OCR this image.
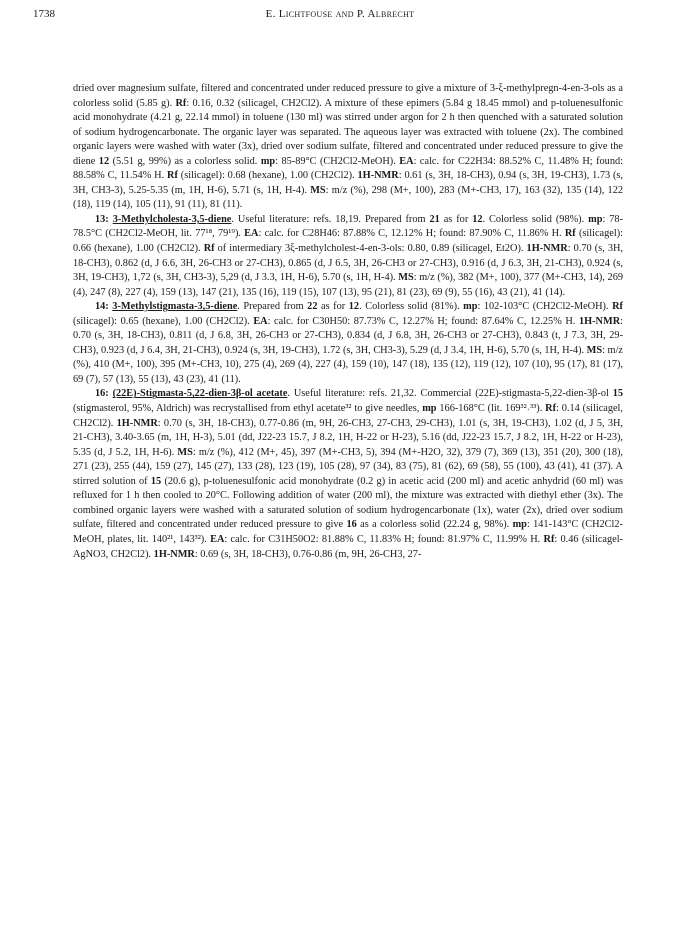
1738	E. Lichtfouse and P. Albrecht

dried over magnesium sulfate, filtered and concentrated under reduced pressure to give a mixture of 3-ξ-methylpregn-4-en-3-ols as a colorless solid (5.85 g). Rf: 0.16, 0.32 (silicagel, CH2Cl2). A mixture of these epimers (5.84 g 18.45 mmol) and p-toluenesulfonic acid monohydrate (4.21 g, 22.14 mmol) in toluene (130 ml) was stirred under argon for 2 h then quenched with a saturated solution of sodium hydrogencarbonate. The organic layer was separated. The aqueous layer was extracted with toluene (2x). The combined organic layers were washed with water (3x), dried over sodium sulfate, filtered and concentrated under reduced pressure to give the diene 12 (5.51 g, 99%) as a colorless solid. mp: 85-89°C (CH2Cl2-MeOH). EA: calc. for C22H34: 88.52% C, 11.48% H; found: 88.58% C, 11.54% H. Rf (silicagel): 0.68 (hexane), 1.00 (CH2Cl2). 1H-NMR: 0.61 (s, 3H, 18-CH3), 0.94 (s, 3H, 19-CH3), 1.73 (s, 3H, CH3-3), 5.25-5.35 (m, 1H, H-6), 5.71 (s, 1H, H-4). MS: m/z (%), 298 (M+, 100), 283 (M+-CH3, 17), 163 (32), 135 (14), 122 (18), 119 (14), 105 (11), 91 (11), 81 (11).

13: 3-Methylcholesta-3,5-diene. Useful literature: refs. 18,19. Prepared from 21 as for 12. Colorless solid (98%). mp: 78-78.5°C (CH2Cl2-MeOH, lit. 77¹⁸, 79¹⁹). EA: calc. for C28H46: 87.88% C, 12.12% H; found: 87.90% C, 11.86% H. Rf (silicagel): 0.66 (hexane), 1.00 (CH2Cl2). Rf of intermediary 3ξ-methylcholest-4-en-3-ols: 0.80, 0.89 (silicagel, Et2O). 1H-NMR: 0.70 (s, 3H, 18-CH3), 0.862 (d, J 6.6, 3H, 26-CH3 or 27-CH3), 0.865 (d, J 6.5, 3H, 26-CH3 or 27-CH3), 0.916 (d, J 6.3, 3H, 21-CH3), 0.924 (s, 3H, 19-CH3), 1,72 (s, 3H, CH3-3), 5,29 (d, J 3.3, 1H, H-6), 5.70 (s, 1H, H-4). MS: m/z (%), 382 (M+, 100), 377 (M+-CH3, 14), 269 (4), 247 (8), 227 (4), 159 (13), 147 (21), 135 (16), 119 (15), 107 (13), 95 (21), 81 (23), 69 (9), 55 (16), 43 (21), 41 (14).

14: 3-Methylstigmasta-3,5-diene. Prepared from 22 as for 12. Colorless solid (81%). mp: 102-103°C (CH2Cl2-MeOH). Rf (silicagel): 0.65 (hexane), 1.00 (CH2Cl2). EA: calc. for C30H50: 87.73% C, 12.27% H; found: 87.64% C, 12.25% H. 1H-NMR: 0.70 (s, 3H, 18-CH3), 0.811 (d, J 6.8, 3H, 26-CH3 or 27-CH3), 0.834 (d, J 6.8, 3H, 26-CH3 or 27-CH3), 0.843 (t, J 7.3, 3H, 29-CH3), 0.923 (d, J 6.4, 3H, 21-CH3), 0.924 (s, 3H, 19-CH3), 1.72 (s, 3H, CH3-3), 5.29 (d, J 3.4, 1H, H-6), 5.70 (s, 1H, H-4). MS: m/z (%), 410 (M+, 100), 395 (M+-CH3, 10), 275 (4), 269 (4), 227 (4), 159 (10), 147 (18), 135 (12), 119 (12), 107 (10), 95 (17), 81 (17), 69 (7), 57 (13), 55 (13), 43 (23), 41 (11).

16: (22E)-Stigmasta-5,22-dien-3β-ol acetate. Useful literature: refs. 21,32. Commercial (22E)-stigmasta-5,22-dien-3β-ol 15 (stigmasterol, 95%, Aldrich) was recrystallised from ethyl acetate³² to give needles, mp 166-168°C (lit. 169³²˒³³). Rf: 0.14 (silicagel, CH2Cl2). 1H-NMR: 0.70 (s, 3H, 18-CH3), 0.77-0.86 (m, 9H, 26-CH3, 27-CH3, 29-CH3), 1.01 (s, 3H, 19-CH3), 1.02 (d, J 5, 3H, 21-CH3), 3.40-3.65 (m, 1H, H-3), 5.01 (dd, J22-23 15.7, J 8.2, 1H, H-22 or H-23), 5.16 (dd, J22-23 15.7, J 8.2, 1H, H-22 or H-23), 5.35 (d, J 5.2, 1H, H-6). MS: m/z (%), 412 (M+, 45), 397 (M+-CH3, 5), 394 (M+-H2O, 32), 379 (7), 369 (13), 351 (20), 300 (18), 271 (23), 255 (44), 159 (27), 145 (27), 133 (28), 123 (19), 105 (28), 97 (34), 83 (75), 81 (62), 69 (58), 55 (100), 43 (41), 41 (37). A stirred solution of 15 (20.6 g), p-toluenesulfonic acid monohydrate (0.2 g) in acetic acid (200 ml) and acetic anhydrid (60 ml) was refluxed for 1 h then cooled to 20°C. Following addition of water (200 ml), the mixture was extracted with diethyl ether (3x). The combined organic layers were washed with a saturated solution of sodium hydrogencarbonate (1x), water (2x), dried over sodium sulfate, filtered and concentrated under reduced pressure to give 16 as a colorless solid (22.24 g, 98%). mp: 141-143°C (CH2Cl2-MeOH, plates, lit. 140²¹, 143³²). EA: calc. for C31H50O2: 81.88% C, 11.83% H; found: 81.97% C, 11.99% H. Rf: 0.46 (silicagel-AgNO3, CH2Cl2). 1H-NMR: 0.69 (s, 3H, 18-CH3), 0.76-0.86 (m, 9H, 26-CH3, 27-
